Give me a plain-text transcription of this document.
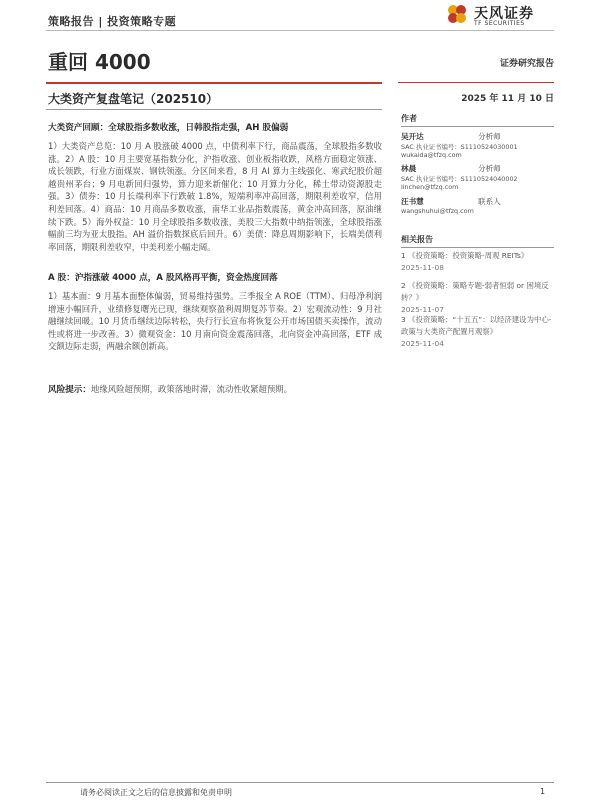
策略报告 | 投资策略专题	天风证券
TF SECURITIES
重回 4000	证券研究报告
大类资产复盘笔记（202510）	2025 年 11 月 10 日
大类资产回顾：全球股指多数收涨，日韩股指走强，AH 股偏弱
1）大类资产总览：10 月 A 股涨破 4000 点，中债利率下行，商品震荡，全球股指多数收涨。2）A 股：10 月主要宽基指数分化，沪指收涨、创业板指收跌，风格方面稳定领涨、成长领跌，行业方面煤炭、钢铁领涨。分区间来看，8 月 AI 算力主线强化、寒武纪股价超越贵州茅台；9 月电新回归强势，算力迎来新催化；10 月算力分化，稀土带动资源股走强。3）债券：10 月长端利率下行跌破 1.8%，短端利率冲高回落，期限利差收窄，信用利差回落。4）商品：10 月商品多数收涨，南华工业品指数震荡，黄金冲高回落，原油继续下跌。5）海外权益：10 月全球股指多数收涨，美股三大指数中纳指领涨，全球股指涨幅前三均为亚太股指。AH 溢价指数探底后回升。6）美债：降息周期影响下，长端美债利率回落，期限利差收窄，中美利差小幅走阔。
A 股：沪指涨破 4000 点，A 股风格再平衡，资金热度回落
1）基本面：9 月基本面整体偏弱，贸易维持强势。三季报全 A ROE（TTM）、归母净利润增速小幅回升，业绩修复曙光已现，继续观察盈利周期复苏节奏。2）宏观流动性：9 月社融继续回暖。10 月货币继续边际转松，央行行长宣布将恢复公开市场国债买卖操作，流动性或将进一步改善。3）微观资金：10 月南向资金震荡回落，北向资金冲高回落，ETF 成交额边际走弱，两融余额创新高。
风险提示：地缘风险超预期，政策落地时滞，流动性收紧超预期。
作者
吴开达	分析师
SAC 执业证书编号：S1110524030001
wukaida@tfzq.com
林晨	分析师
SAC 执业证书编号：S1110524040002
linchen@tfzq.com
汪书慧	联系人
wangshuhui@tfzq.com
相关报告
1 《投资策略：投资策略-周观 REITs》
2025-11-08
2 《投资策略：策略专题-弱者恒弱 or 困境反转？》
2025-11-07
3 《投资策略：“十五五”：以经济建设为中心-政策与大类资产配置月观察》
2025-11-04
请务必阅读正文之后的信息披露和免责申明	1
